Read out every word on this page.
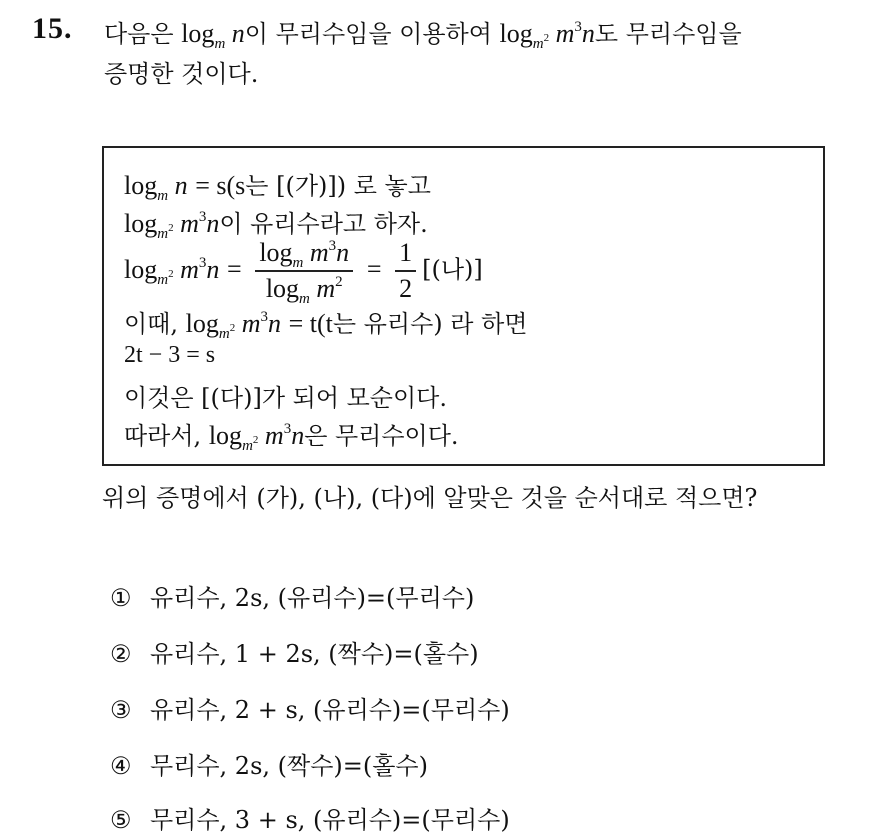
15. 다음은 $\log_m n$이 무리수임을 이용하여 $\log_{m^2} m^3n$도 무리수임을
증명한 것이다.
$\log_m n = s(s$는 [(가)]) 로 놓고
$\log_{m^2} m^3n$이 유리수라고 하자.
$\log_{m^2} m^3n = \frac{\log_m m^3n}{\log_m m^2} = \frac{1}{2}$ [(나)]
이때, $\log_{m^2} m^3n = t(t$는 유리수) 라 하면
2t − 3 = s
이것은 [(다)]가 되어 모순이다.
따라서, $\log_{m^2} m^3n$은 무리수이다.
위의 증명에서 (가), (나), (다)에 알맞은 것을 순서대로 적으면?
① 유리수, 2s, (유리수)=(무리수)
② 유리수, 1 + 2s, (짝수)=(홀수)
③ 유리수, 2 + s, (유리수)=(무리수)
④ 무리수, 2s, (짝수)=(홀수)
⑤ 무리수, 3 + s, (유리수)=(무리수)
